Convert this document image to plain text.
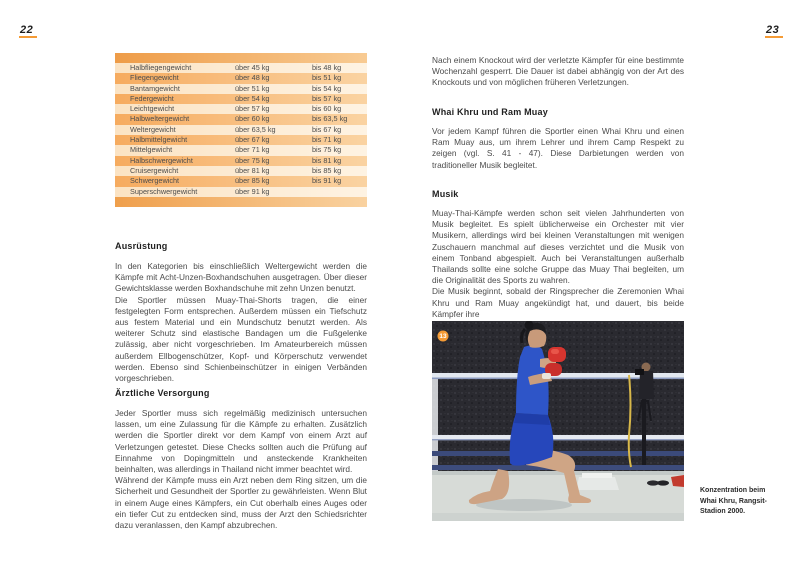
22	23
Halbfliegengewicht	über 45 kg	bis 48 kg
Fliegengewicht	über 48 kg	bis 51 kg
Bantamgewicht	über 51 kg	bis 54 kg
Federgewicht	über 54 kg	bis 57 kg
Leichtgewicht	über 57 kg	bis 60 kg
Halbweltergewicht	über 60 kg	bis 63,5 kg
Weltergewicht	über 63,5 kg	bis 67 kg
Halbmittelgewicht	über 67 kg	bis 71 kg
Mittelgewicht	über 71 kg	bis 75 kg
Halbschwergewicht	über 75 kg	bis 81 kg
Cruisergewicht	über 81 kg	bis 85 kg
Schwergewicht	über 85 kg	bis 91 kg
Superschwergewicht	über 91 kg
Ausrüstung

In den Kategorien bis einschließlich Weltergewicht werden die Kämpfe mit Acht-Unzen-Boxhandschuhen ausgetragen. Über dieser Gewichtsklasse werden Boxhandschuhe mit zehn Unzen benutzt.

Die Sportler müssen Muay-Thai-Shorts tragen, die einer festgelegten Form entsprechen. Außerdem müssen ein Tiefschutz aus festem Material und ein Mundschutz benutzt werden. Als weiterer Schutz sind elastische Bandagen um die Fußgelenke zulässig, aber nicht vorgeschrieben. Im Amateurbereich müssen außerdem Ellbogenschützer, Kopf- und Körperschutz verwendet werden. Ebenso sind Schienbeinschützer in einigen Verbänden vorgeschrieben.

Ärztliche Versorgung

Jeder Sportler muss sich regelmäßig medizinisch untersuchen lassen, um eine Zulassung für die Kämpfe zu erhalten. Zusätzlich werden die Sportler direkt vor dem Kampf von einem Arzt auf Verletzungen getestet. Diese Checks sollten auch die Prüfung auf Einnahme von Dopingmitteln und ansteckende Krankheiten beinhalten, was allerdings in Thailand nicht immer beachtet wird.

Während der Kämpfe muss ein Arzt neben dem Ring sitzen, um die Sicherheit und Gesundheit der Sportler zu gewährleisten. Wenn Blut in einem Auge eines Kämpfers, ein Cut oberhalb eines Auges oder ein tiefer Cut zu entdecken sind, muss der Arzt den Schiedsrichter dazu veranlassen, den Kampf abzubrechen.

Nach einem Knockout wird der verletzte Kämpfer für eine bestimmte Wochenzahl gesperrt. Die Dauer ist dabei abhängig von der Art des Knockouts und von möglichen früheren Verletzungen.

Whai Khru und Ram Muay

Vor jedem Kampf führen die Sportler einen Whai Khru und einen Ram Muay aus, um ihrem Lehrer und ihrem Camp Respekt zu zeigen (vgl. S. 41 - 47). Diese Darbietungen werden von traditioneller Musik begleitet.

Musik

Muay-Thai-Kämpfe werden schon seit vielen Jahrhunderten von Musik begleitet. Es spielt üblicherweise ein Orchester mit vier Musikern, allerdings wird bei kleinen Veranstaltungen mit wenigen Zuschauern manchmal auf dieses verzichtet und die Musik von einem Tonband abgespielt. Auch bei Veranstaltungen außerhalb Thailands sollte eine solche Gruppe das Muay Thai begleiten, um die Originalität des Sports zu wahren.

Die Musik beginnt, sobald der Ringsprecher die Zeremonien Whai Khru und Ram Muay angekündigt hat, und dauert, bis beide Kämpfer ihre

13
Konzentration beim
Whai Khru, Rangsit-
Stadion 2000.
